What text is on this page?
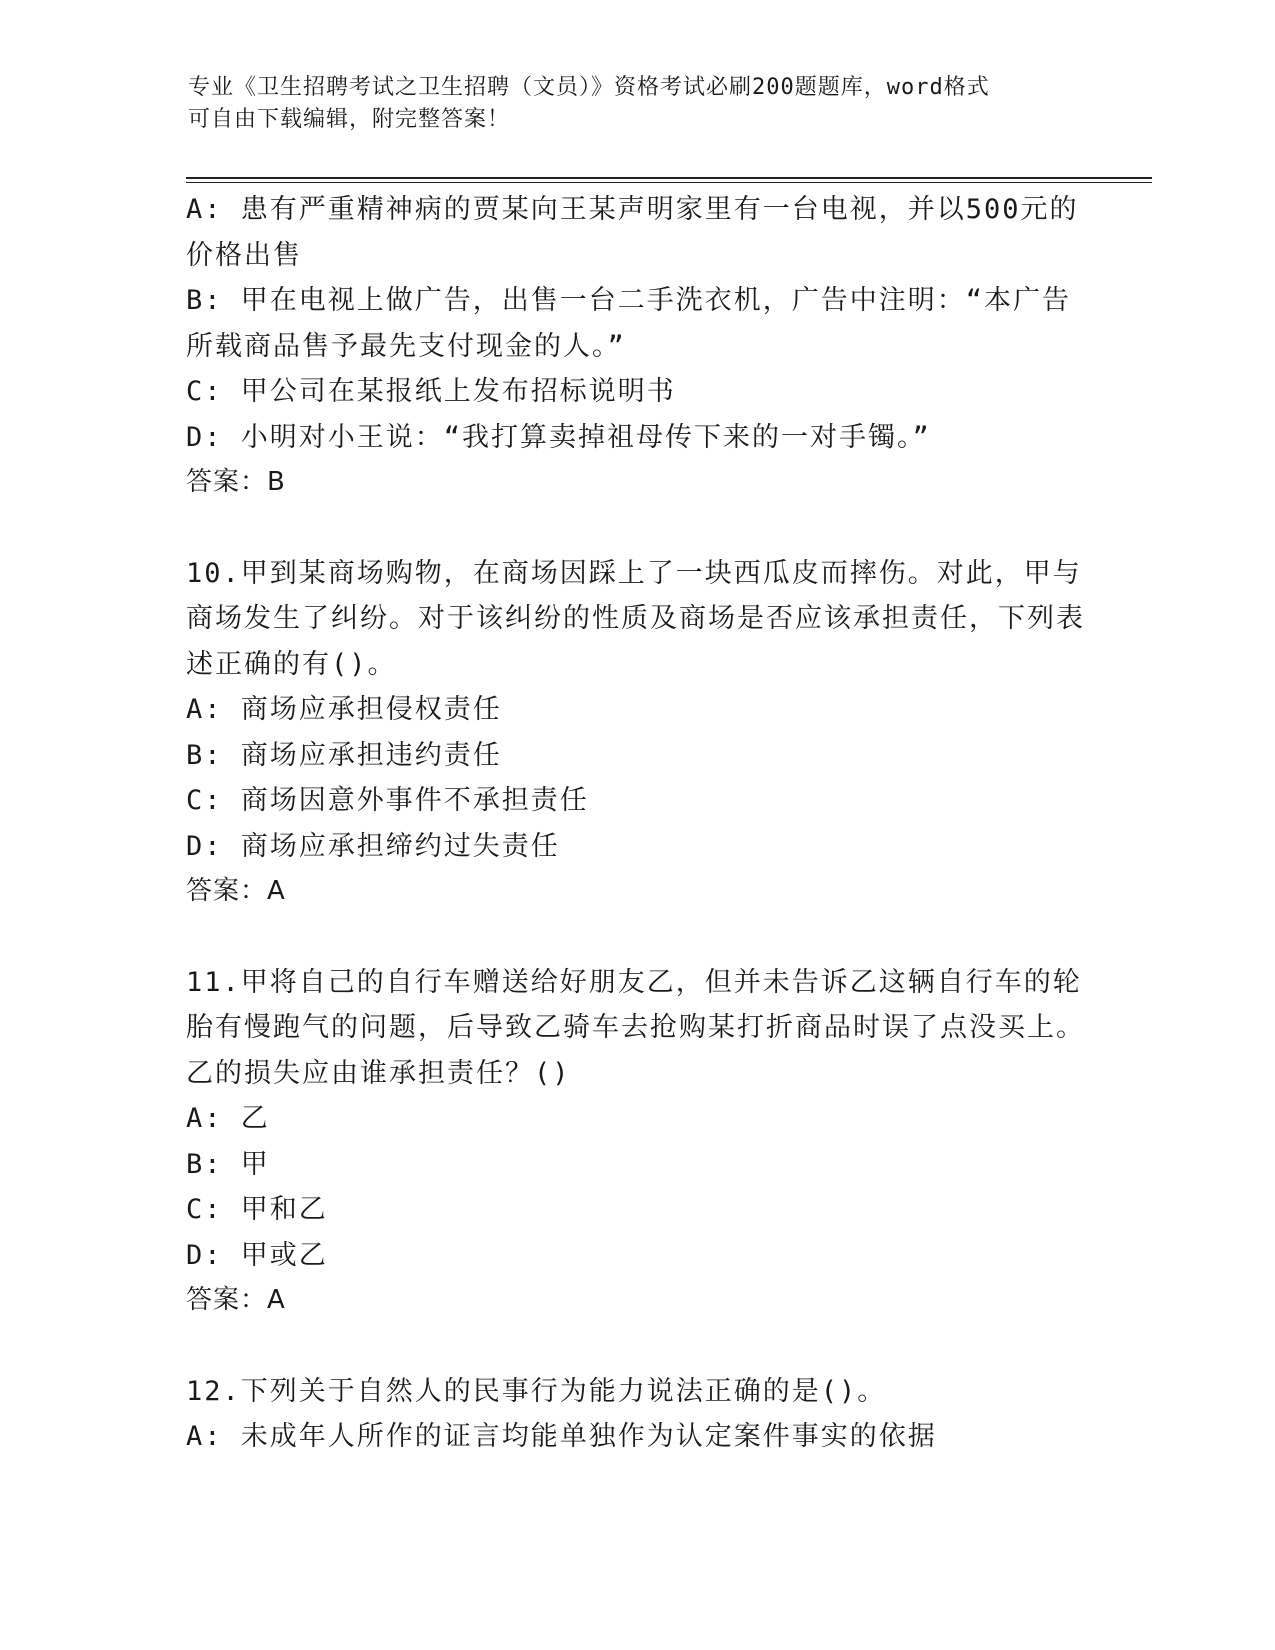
专业《卫生招聘考试之卫生招聘（文员）》资格考试必刷200题题库，word格式
可自由下载编辑，附完整答案！

A: 患有严重精神病的贾某向王某声明家里有一台电视，并以500元的价格出售

B: 甲在电视上做广告，出售一台二手洗衣机，广告中注明：“本广告所载商品售予最先支付现金的人。”

C: 甲公司在某报纸上发布招标说明书

D: 小明对小王说：“我打算卖掉祖母传下来的一对手镯。”

答案：B

10.甲到某商场购物，在商场因踩上了一块西瓜皮而摔伤。对此，甲与商场发生了纠纷。对于该纠纷的性质及商场是否应该承担责任，下列表述正确的有()。

A: 商场应承担侵权责任

B: 商场应承担违约责任

C: 商场因意外事件不承担责任

D: 商场应承担缔约过失责任

答案：A

11.甲将自己的自行车赠送给好朋友乙，但并未告诉乙这辆自行车的轮胎有慢跑气的问题，后导致乙骑车去抢购某打折商品时误了点没买上。乙的损失应由谁承担责任？()

A: 乙

B: 甲

C: 甲和乙

D: 甲或乙

答案：A

12.下列关于自然人的民事行为能力说法正确的是()。

A: 未成年人所作的证言均能单独作为认定案件事实的依据
